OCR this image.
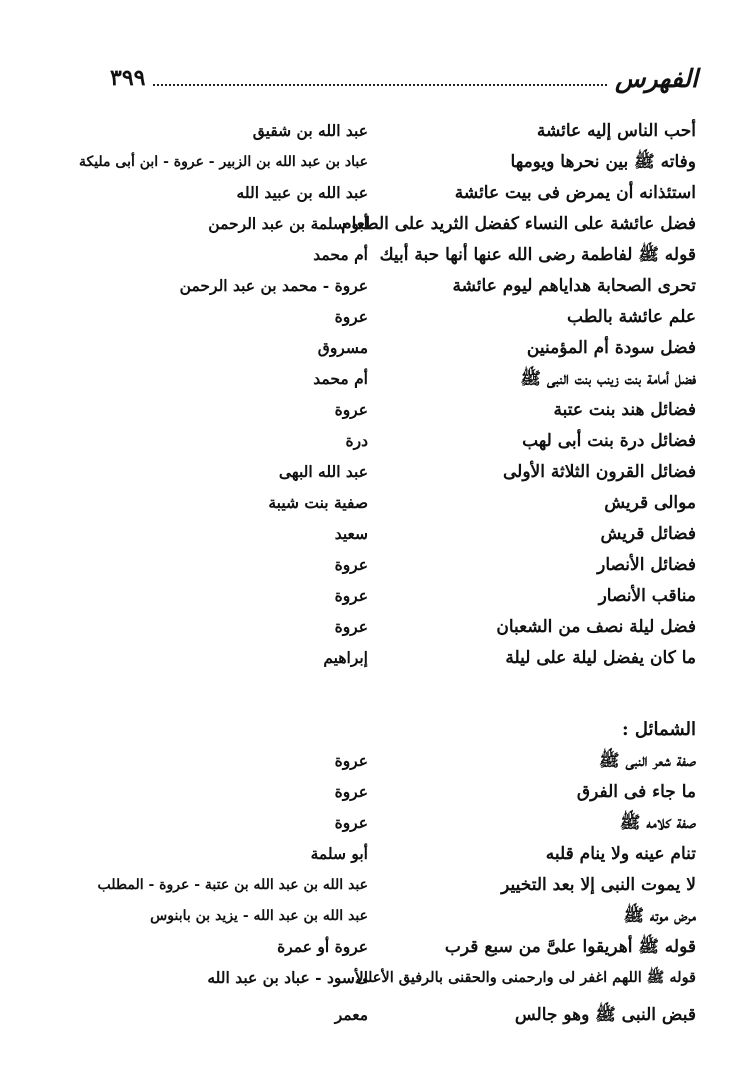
الفهرس
٣٩٩
أحب الناس إليه عائشة
عبد الله بن شقيق
وفاته ﷺ بين نحرها ويومها
عباد بن عبد الله بن الزبير - عروة - ابن أبى مليكة
استئذانه أن يمرض فى بيت عائشة
عبد الله بن عبيد الله
فضل عائشة على النساء كفضل الثريد على الطعام
أبو سلمة بن عبد الرحمن
قوله ﷺ لفاطمة رضى الله عنها أنها حبة أبيك
أم محمد
تحرى الصحابة هداياهم ليوم عائشة
عروة - محمد بن عبد الرحمن
علم عائشة بالطب
عروة
فضل سودة أم المؤمنين
مسروق
فضل أمامة بنت زينب بنت النبى ﷺ
أم محمد
فضائل هند بنت عتبة
عروة
فضائل درة بنت أبى لهب
درة
فضائل القرون الثلاثة الأولى
عبد الله البهى
موالى قريش
صفية بنت شيبة
فضائل قريش
سعيد
فضائل الأنصار
عروة
مناقب الأنصار
عروة
فضل ليلة نصف من الشعبان
عروة
ما كان يفضل ليلة على ليلة
إبراهيم
الشمائل :
صفة شعر النبى ﷺ
عروة
ما جاء فى الفرق
عروة
صفة كلامه ﷺ
عروة
تنام عينه ولا ينام قلبه
أبو سلمة
لا يموت النبى إلا بعد التخيير
عبد الله بن عبد الله بن عتبة - عروة - المطلب
مرض موته ﷺ
عبد الله بن عبد الله - يزيد بن بابنوس
قوله ﷺ أهريقوا علىَّ من سبع قرب
عروة أو عمرة
قوله ﷺ اللهم اغفر لى وارحمنى والحقنى بالرفيق الأعلى
الأسود - عباد بن عبد الله
قبض النبى ﷺ وهو جالس
معمر
